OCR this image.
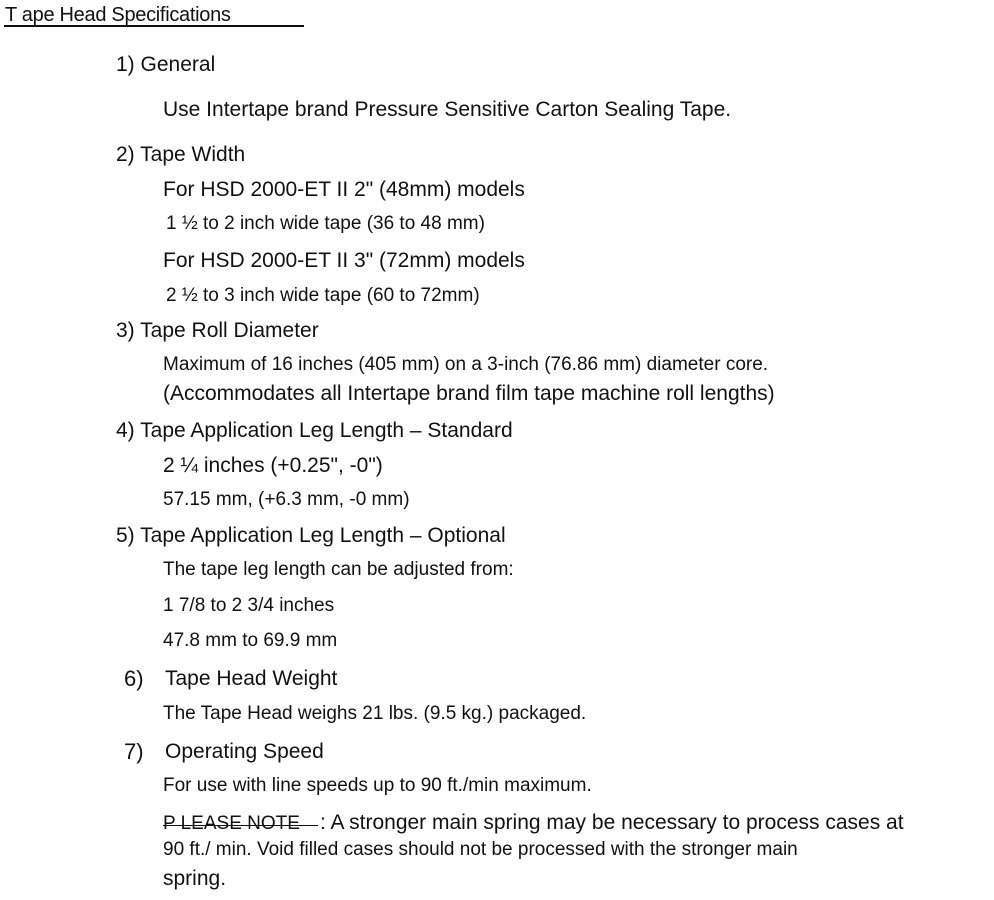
T ape Head Specifications
1) General
Use Intertape brand Pressure Sensitive Carton Sealing Tape.
2) Tape Width
For HSD 2000-ET II 2" (48mm) models
1 ½ to 2 inch wide tape (36 to 48 mm)
For HSD 2000-ET II 3" (72mm) models
2 ½ to 3 inch wide tape (60 to 72mm)
3) Tape Roll Diameter
Maximum of 16 inches (405 mm) on a 3-inch (76.86 mm) diameter core.
(Accommodates all Intertape brand film tape machine roll lengths)
4) Tape Application Leg Length – Standard
2 ¼ inches (+0.25", -0")
57.15 mm, (+6.3 mm, -0 mm)
5) Tape Application Leg Length – Optional
The tape leg length can be adjusted from:
1 7/8 to 2 3/4 inches
47.8 mm to 69.9 mm
6) Tape Head Weight
The Tape Head weighs 21 lbs. (9.5 kg.) packaged.
7) Operating Speed
For use with line speeds up to 90 ft./min maximum.
P LEASE NOTE : A stronger main spring may be necessary to process cases at
90 ft./ min. Void filled cases should not be processed with the stronger main
spring.
